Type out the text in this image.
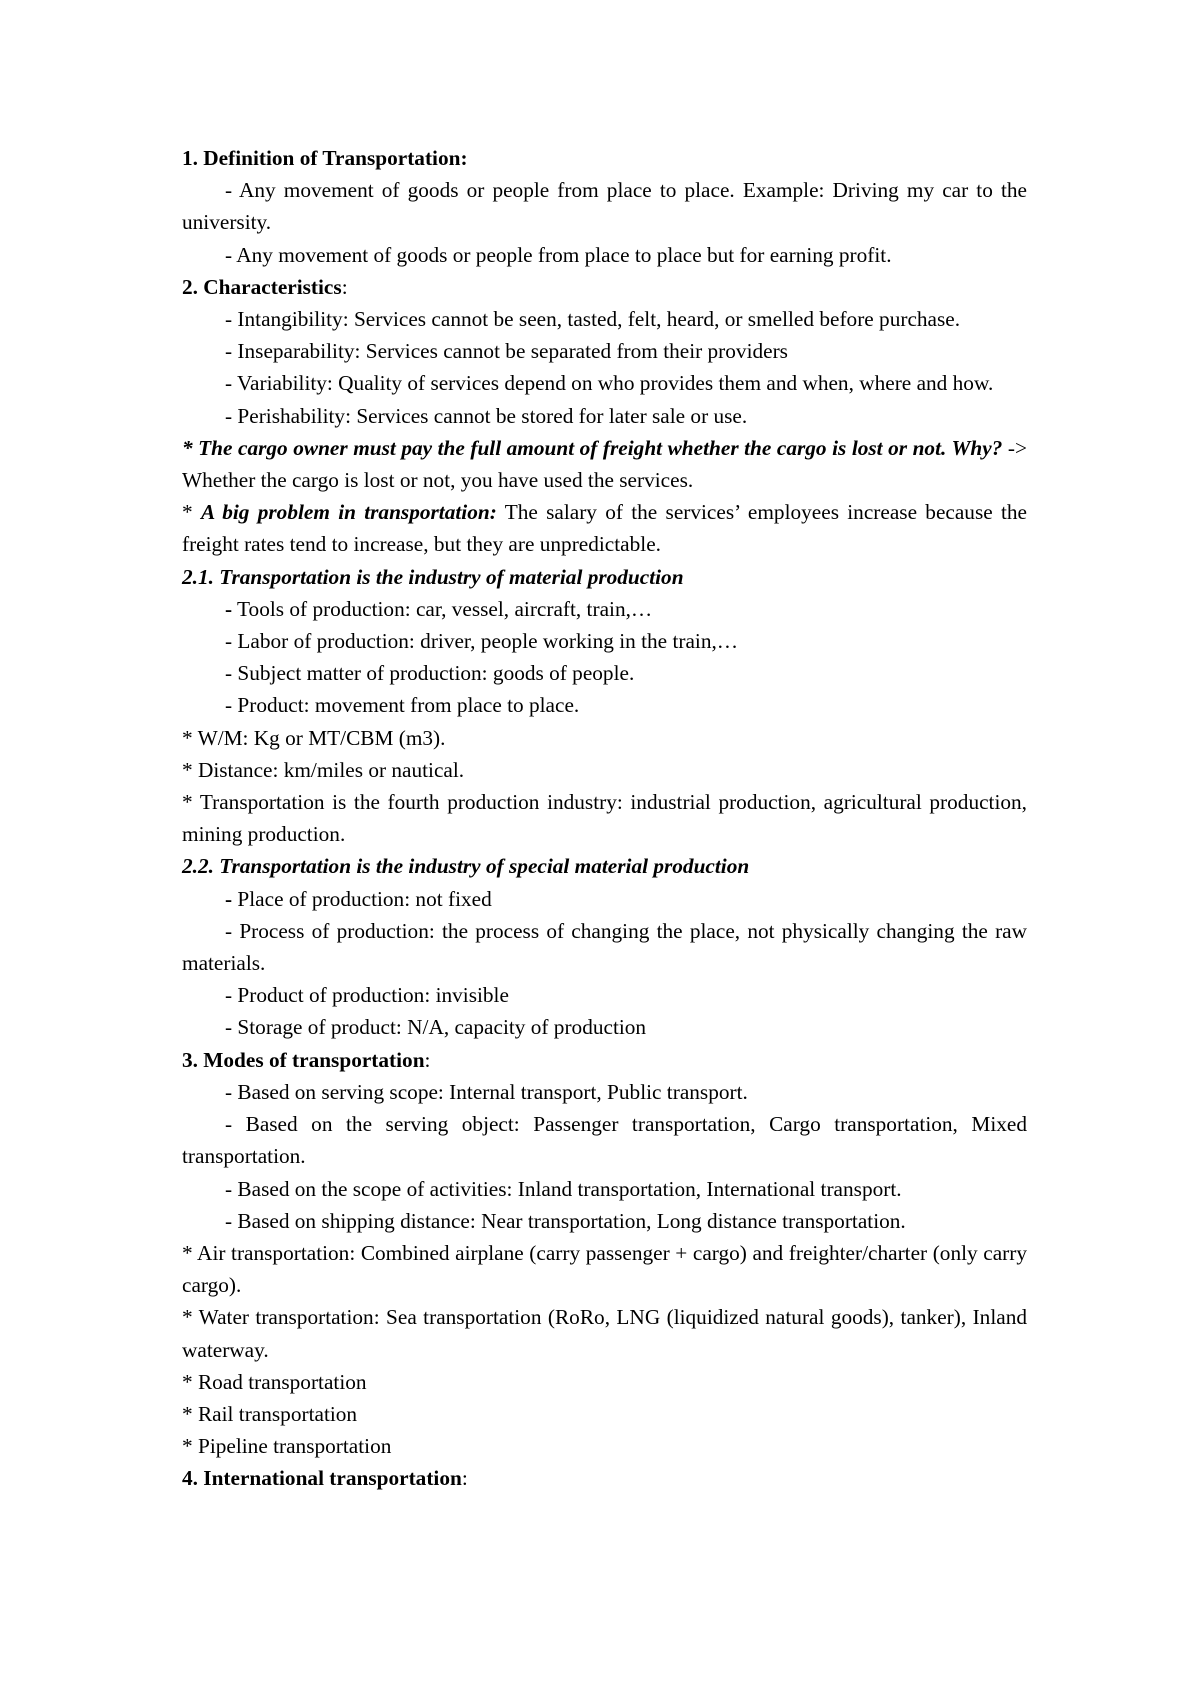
1. Definition of Transportation:

- Any movement of goods or people from place to place. Example: Driving my car to the university.

- Any movement of goods or people from place to place but for earning profit.

2. Characteristics:

- Intangibility: Services cannot be seen, tasted, felt, heard, or smelled before purchase.

- Inseparability: Services cannot be separated from their providers

- Variability: Quality of services depend on who provides them and when, where and how.

- Perishability: Services cannot be stored for later sale or use.

* The cargo owner must pay the full amount of freight whether the cargo is lost or not. Why? -> Whether the cargo is lost or not, you have used the services.

* A big problem in transportation: The salary of the services’ employees increase because the freight rates tend to increase, but they are unpredictable.

2.1. Transportation is the industry of material production

- Tools of production: car, vessel, aircraft, train,…

- Labor of production: driver, people working in the train,…

- Subject matter of production: goods of people.

- Product: movement from place to place.

* W/M: Kg or MT/CBM (m3).

* Distance: km/miles or nautical.

* Transportation is the fourth production industry: industrial production, agricultural production, mining production.

2.2. Transportation is the industry of special material production

- Place of production: not fixed

- Process of production: the process of changing the place, not physically changing the raw materials.

- Product of production: invisible

- Storage of product: N/A, capacity of production

3. Modes of transportation:

- Based on serving scope: Internal transport, Public transport.

- Based on the serving object: Passenger transportation, Cargo transportation, Mixed transportation.

- Based on the scope of activities: Inland transportation, International transport.

- Based on shipping distance: Near transportation, Long distance transportation.

* Air transportation: Combined airplane (carry passenger + cargo) and freighter/charter (only carry cargo).

* Water transportation: Sea transportation (RoRo, LNG (liquidized natural goods), tanker), Inland waterway.

* Road transportation

* Rail transportation

* Pipeline transportation

4. International transportation:
